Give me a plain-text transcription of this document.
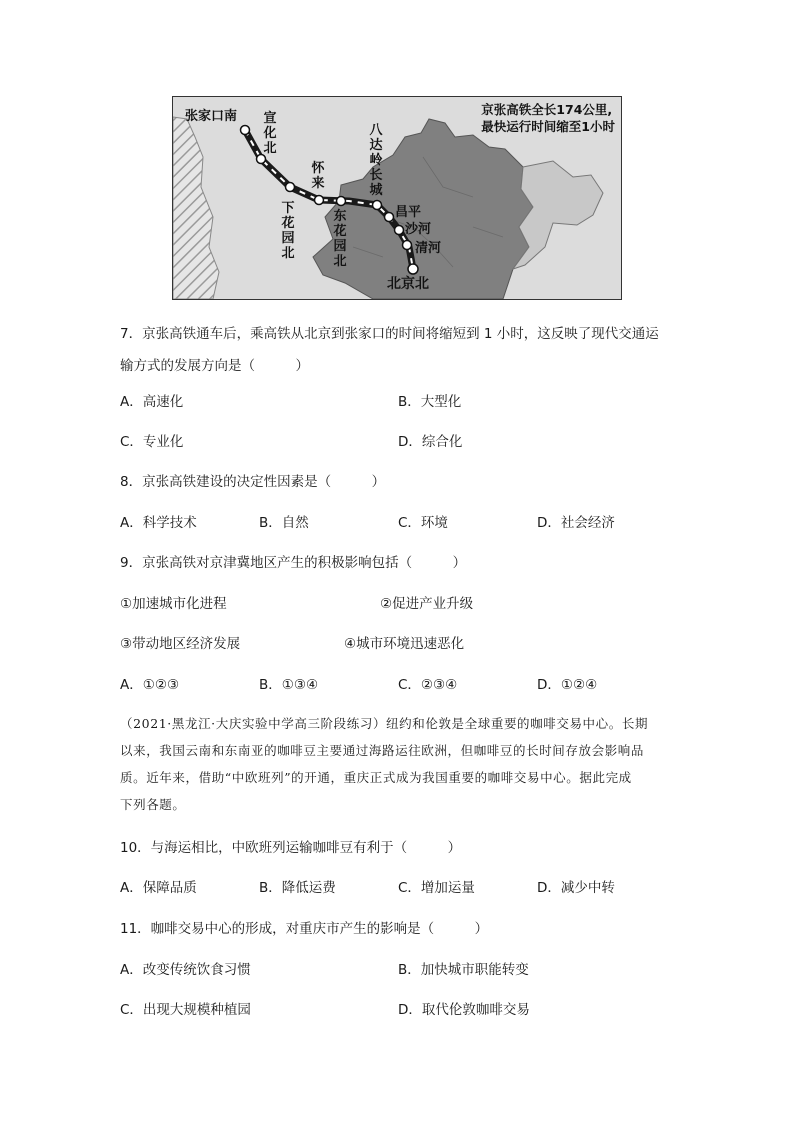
京张高铁全长174公里,
最快运行时间缩至1小时
张家口南 宣化北
下花园北
怀来
东花园北
八达岭长城
昌平
沙河
清河
北京北
7．京张高铁通车后，乘高铁从北京到张家口的时间将缩短到 1 小时，这反映了现代交通运
输方式的发展方向是（　　　）
A．高速化	B．大型化
C．专业化	D．综合化
8．京张高铁建设的决定性因素是（　　　）
A．科学技术	B．自然	C．环境	D．社会经济
9．京张高铁对京津冀地区产生的积极影响包括（　　　）
①加速城市化进程	②促进产业升级
③带动地区经济发展	④城市环境迅速恶化
A．①②③	B．①③④	C．②③④	D．①②④
（2021·黑龙江·大庆实验中学高三阶段练习）纽约和伦敦是全球重要的咖啡交易中心。长期
以来，我国云南和东南亚的咖啡豆主要通过海路运往欧洲，但咖啡豆的长时间存放会影响品
质。近年来，借助“中欧班列”的开通，重庆正式成为我国重要的咖啡交易中心。据此完成
下列各题。
10．与海运相比，中欧班列运输咖啡豆有利于（　　　）
A．保障品质	B．降低运费	C．增加运量	D．减少中转
11．咖啡交易中心的形成，对重庆市产生的影响是（　　　）
A．改变传统饮食习惯	B．加快城市职能转变
C．出现大规模种植园	D．取代伦敦咖啡交易
